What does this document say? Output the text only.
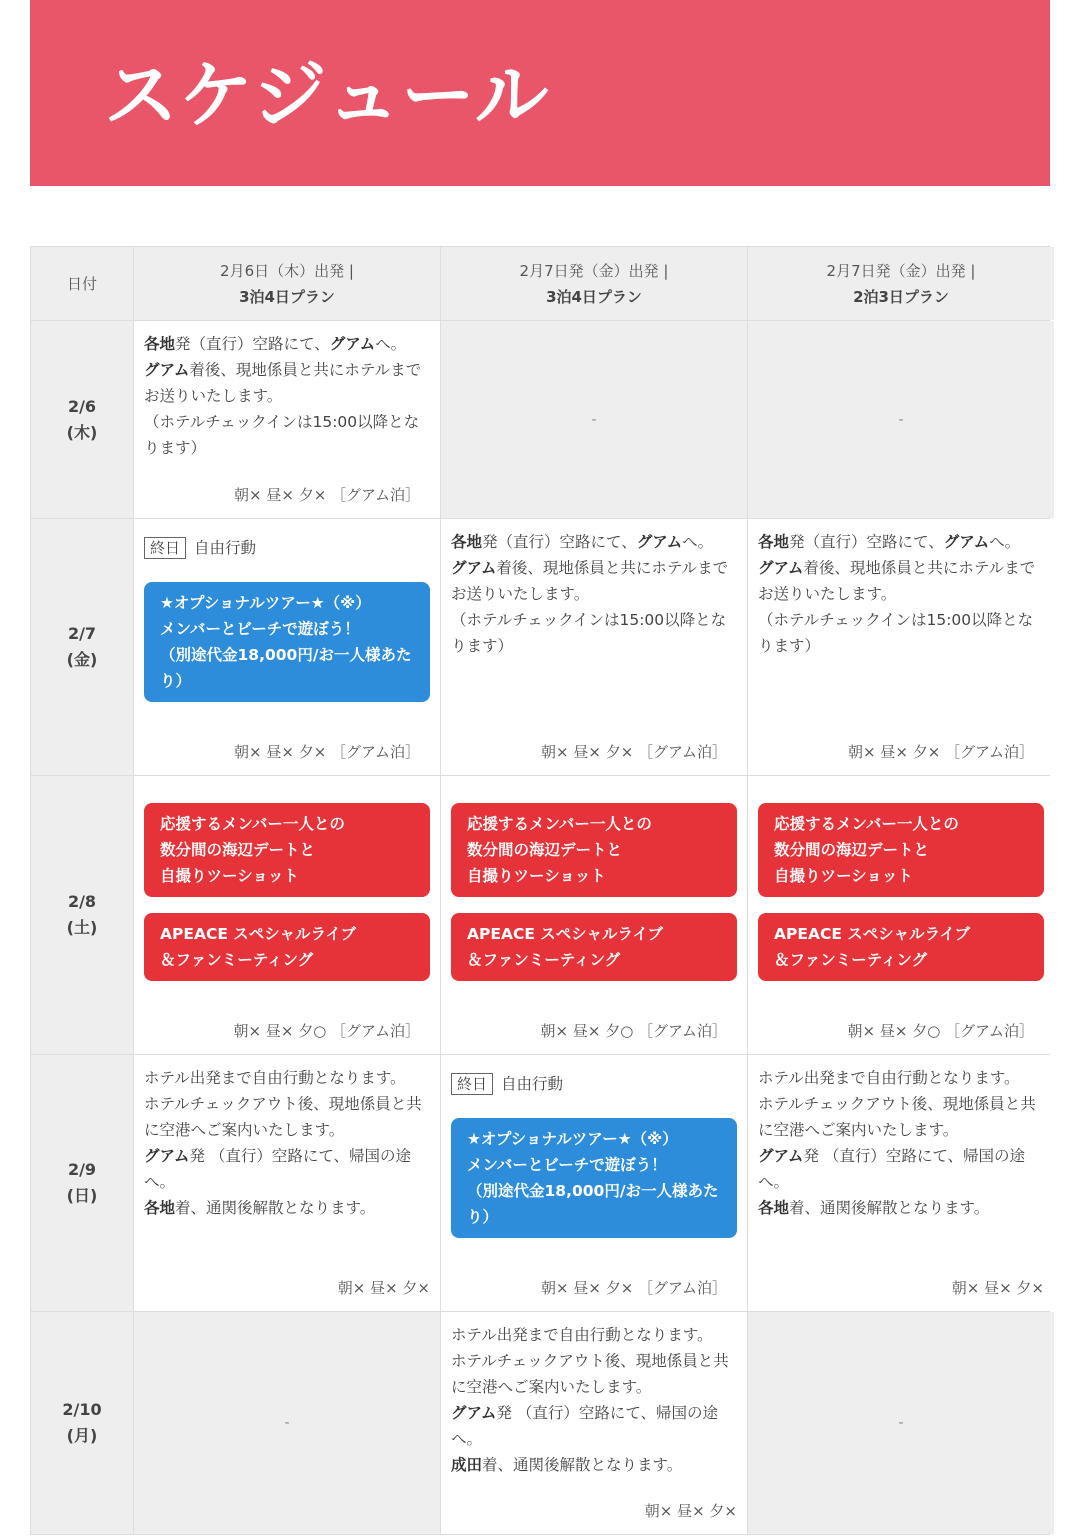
スケジュール
日付
2月6日（木）出発 |
3泊4日プラン
2月7日発（金）出発 |
3泊4日プラン
2月7日発（金）出発 |
2泊3日プラン
2/6
(木)
各地発（直行）空路にて、グアムへ。
グアム着後、現地係員と共にホテルまで
お送りいたします。
（ホテルチェックインは15:00以降とな
ります）
朝× 昼× 夕× ［グアム泊］
-	-
2/7
(金)
終日 自由行動
★オプショナルツアー★（※）
メンバーとビーチで遊ぼう！
（別途代金18,000円/お一人様あた
り）
朝× 昼× 夕× ［グアム泊］
各地発（直行）空路にて、グアムへ。
グアム着後、現地係員と共にホテルまで
お送りいたします。
（ホテルチェックインは15:00以降とな
ります）
朝× 昼× 夕× ［グアム泊］
各地発（直行）空路にて、グアムへ。
グアム着後、現地係員と共にホテルまで
お送りいたします。
（ホテルチェックインは15:00以降とな
ります）
朝× 昼× 夕× ［グアム泊］
2/8
(土)
応援するメンバー一人との
数分間の海辺デートと
自撮りツーショット
APEACE スペシャルライブ
＆ファンミーティング
朝× 昼× 夕○ ［グアム泊］
応援するメンバー一人との
数分間の海辺デートと
自撮りツーショット
APEACE スペシャルライブ
＆ファンミーティング
朝× 昼× 夕○ ［グアム泊］
応援するメンバー一人との
数分間の海辺デートと
自撮りツーショット
APEACE スペシャルライブ
＆ファンミーティング
朝× 昼× 夕○ ［グアム泊］
2/9
(日)
ホテル出発まで自由行動となります。
ホテルチェックアウト後、現地係員と共
に空港へご案内いたします。
グアム発 （直行）空路にて、帰国の途
へ。
各地着、通関後解散となります。
朝× 昼× 夕×
終日 自由行動
★オプショナルツアー★（※）
メンバーとビーチで遊ぼう！
（別途代金18,000円/お一人様あた
り）
朝× 昼× 夕× ［グアム泊］
ホテル出発まで自由行動となります。
ホテルチェックアウト後、現地係員と共
に空港へご案内いたします。
グアム発 （直行）空路にて、帰国の途
へ。
各地着、通関後解散となります。
朝× 昼× 夕×
2/10
(月)
-
ホテル出発まで自由行動となります。
ホテルチェックアウト後、現地係員と共
に空港へご案内いたします。
グアム発 （直行）空路にて、帰国の途
へ。
成田着、通関後解散となります。
朝× 昼× 夕×
-
